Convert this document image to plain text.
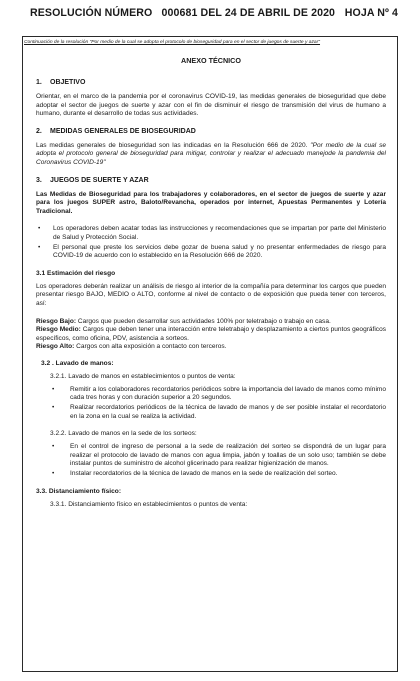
RESOLUCIÓN NÚMERO   000681 DEL 24 DE ABRIL DE 2020 HOJA Nº 4
Continuación de la resolución "Por medio de la cual se adopta el protocolo de bioseguridad para en el sector de juegos de suerte y azar"
ANEXO TÉCNICO
1. OBJETIVO

Orientar, en el marco de la pandemia por el coronavirus COVID-19, las medidas generales de bioseguridad que debe adoptar el sector de juegos de suerte y azar con el fin de disminuir el riesgo de transmisión del virus de humano a humano, durante el desarrollo de todas sus actividades.

2. MEDIDAS GENERALES DE BIOSEGURIDAD

Las medidas generales de bioseguridad son las indicadas en la Resolución 666 de 2020. "Por medio de la cual se adopta el protocolo general de bioseguridad para mitigar, controlar y realizar el adecuado manejode la pandemia del Coronavirus COVID-19"

3. JUEGOS DE SUERTE Y AZAR

Las Medidas de Bioseguridad para los trabajadores y colaboradores, en el sector de juegos de suerte y azar para los juegos SUPER astro, Baloto/Revancha, operados por internet, Apuestas Permanentes y Lotería Tradicional.

• Los operadores deben acatar todas las instrucciones y recomendaciones que se impartan por parte del Ministerio de Salud y Protección Social.
• El personal que preste los servicios debe gozar de buena salud y no presentar enfermedades de riesgo para COVID-19 de acuerdo con lo establecido en la Resolución 666 de 2020.
3.1 Estimación del riesgo

Los operadores deberán realizar un análisis de riesgo al interior de la compañía para determinar los cargos que pueden presentar riesgo BAJO, MEDIO o ALTO, conforme al nivel de contacto o de exposición que pueda tener con terceros, así:

Riesgo Bajo: Cargos que pueden desarrollar sus actividades 100% por teletrabajo o trabajo en casa.

Riesgo Medio: Cargos que deben tener una interacción entre teletrabajo y desplazamiento a ciertos puntos geográficos específicos, como oficina, PDV, asistencia a sorteos.

Riesgo Alto: Cargos con alta exposición a contacto con terceros.

3.2 . Lavado de manos:
3.2.1. Lavado de manos en establecimientos o puntos de venta:
• Remitir a los colaboradores recordatorios periódicos sobre la importancia del lavado de manos como mínimo cada tres horas y con duración superior a 20 segundos.
• Realizar recordatorios periódicos de la técnica de lavado de manos y de ser posible instalar el recordatorio en la zona en la cual se realiza la actividad.
3.2.2. Lavado de manos en la sede de los sorteos:
• En el control de ingreso de personal a la sede de realización del sorteo se dispondrá de un lugar para realizar el protocolo de lavado de manos con agua limpia, jabón y toallas de un solo uso; también se debe instalar puntos de suministro de alcohol glicerinado para realizar higienización de manos.
• Instalar recordatorios de la técnica de lavado de manos en la sede de realización del sorteo.
3.3. Distanciamiento físico:
3.3.1. Distanciamiento físico en establecimientos o puntos de venta:
